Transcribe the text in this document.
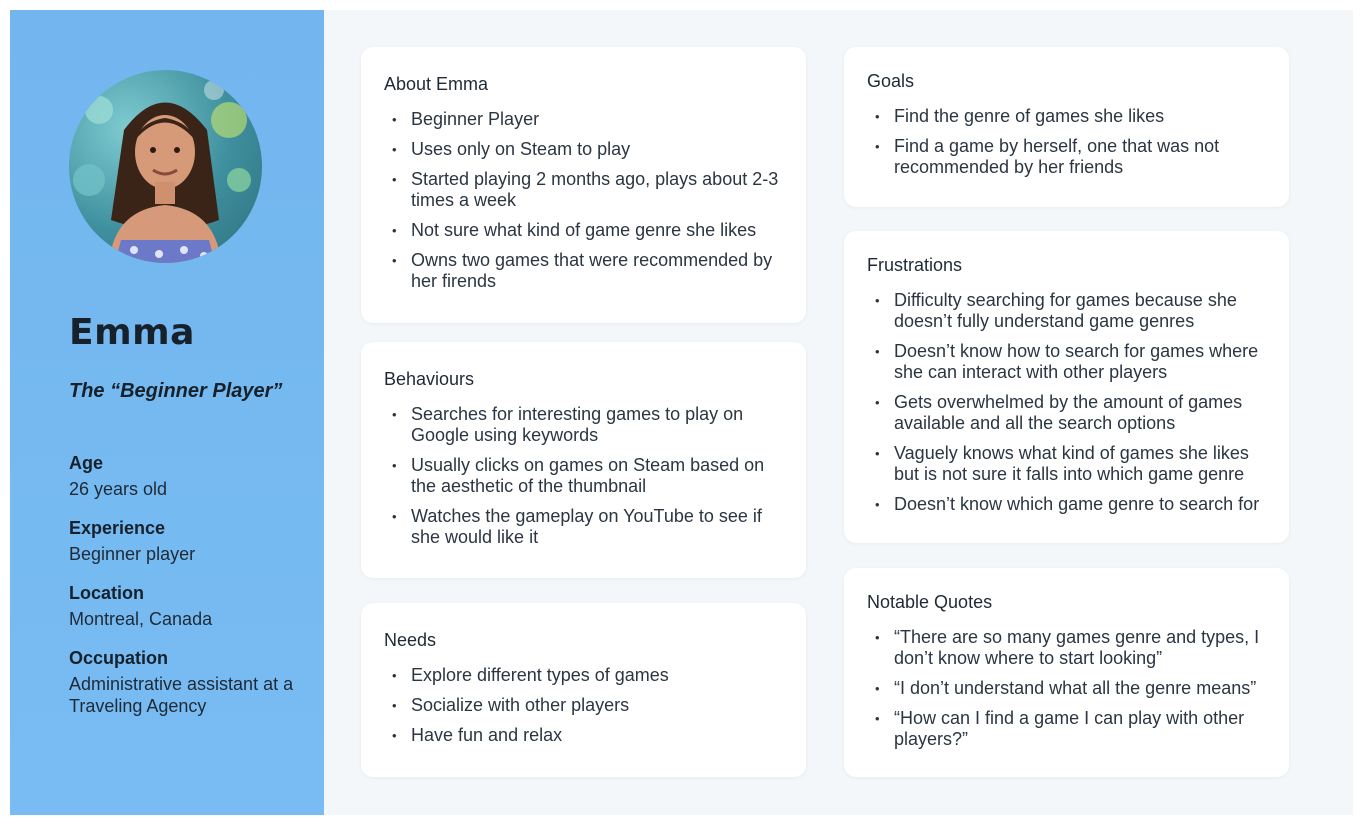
Emma
The “Beginner Player”
Age
26 years old
Experience
Beginner player
Location
Montreal, Canada
Occupation
Administrative assistant at a Traveling Agency
About Emma
• Beginner Player
• Uses only on Steam to play
• Started playing 2 months ago, plays about 2-3 times a week
• Not sure what kind of game genre she likes
• Owns two games that were recommended by her firends
Behaviours
• Searches for interesting games to play on Google using keywords
• Usually clicks on games on Steam based on the aesthetic of the thumbnail
• Watches the gameplay on YouTube to see if she would like it
Needs
• Explore different types of games
• Socialize with other players
• Have fun and relax
Goals
• Find the genre of games she likes
• Find a game by herself, one that was not recommended by her friends
Frustrations
• Difficulty searching for games because she doesn’t fully understand game genres
• Doesn’t know how to search for games where she can interact with other players
• Gets overwhelmed by the amount of games available and all the search options
• Vaguely knows what kind of games she likes but is not sure it falls into which game genre
• Doesn’t know which game genre to search for
Notable Quotes
• “There are so many games genre and types, I don’t know where to start looking”
• “I don’t understand what all the genre means”
• “How can I find a game I can play with other players?”
